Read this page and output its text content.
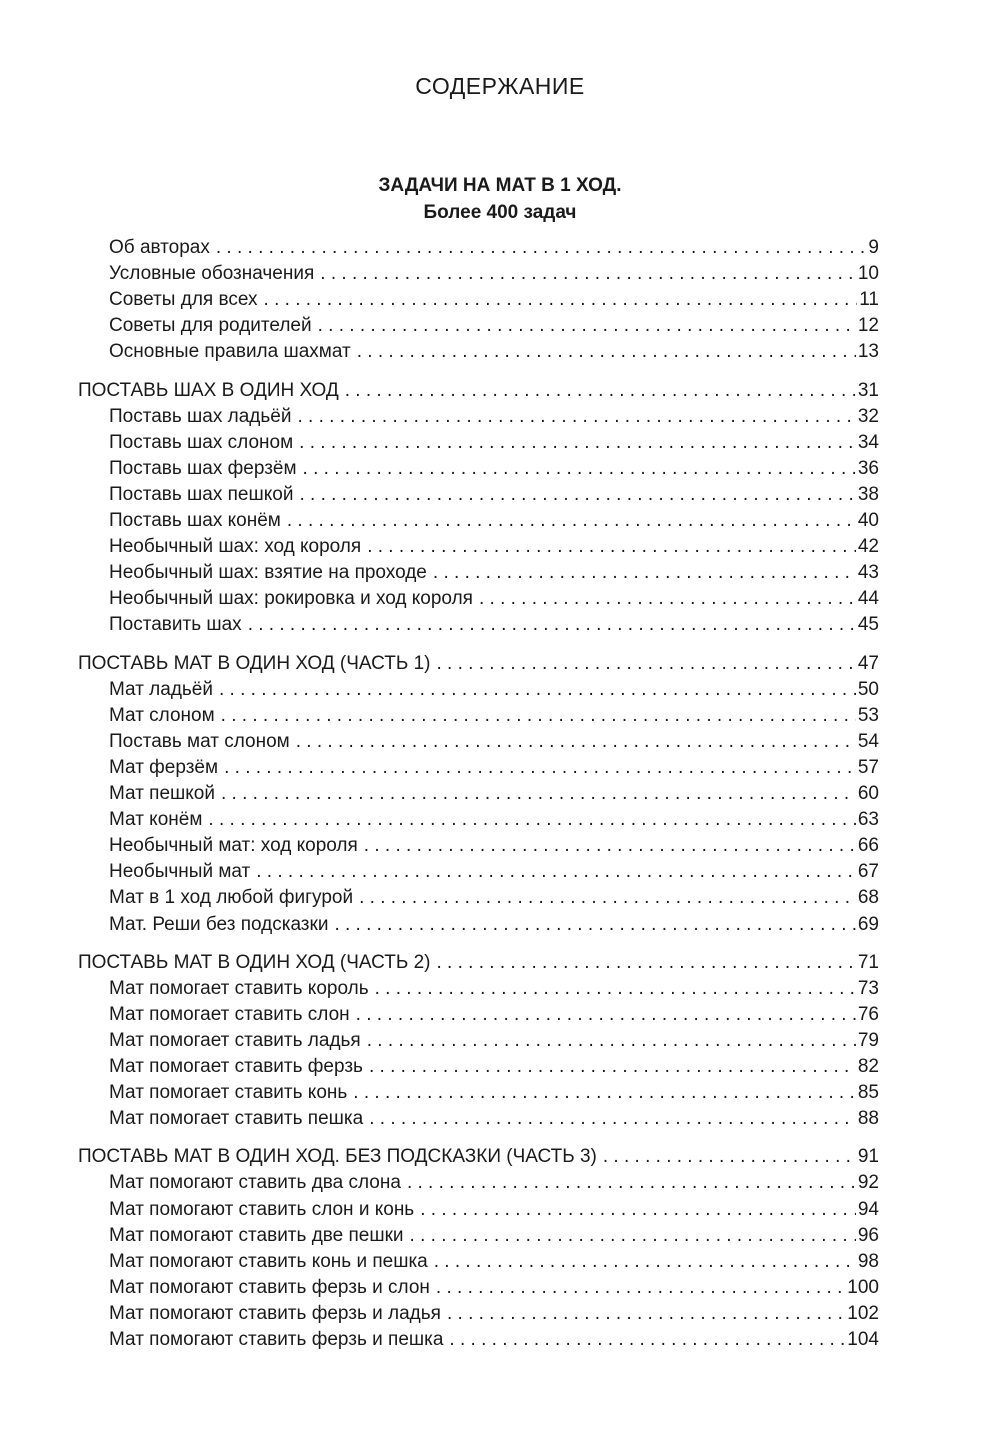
СОДЕРЖАНИЕ
ЗАДАЧИ НА МАТ В 1 ХОД.
Более 400 задач
Об авторах . . .	9
Условные обозначения . . .	10
Советы для всех . . .	11
Советы для родителей . . .	12
Основные правила шахмат . . .	13
ПОСТАВЬ ШАХ В ОДИН ХОД . . .	31
Поставь шах ладьёй . . .	32
Поставь шах слоном . . .	34
Поставь шах ферзём . . .	36
Поставь шах пешкой . . .	38
Поставь шах конём . . .	40
Необычный шах: ход короля . . .	42
Необычный шах: взятие на проходе . . .	43
Необычный шах: рокировка и ход короля . . .	44
Поставить шах . . .	45
ПОСТАВЬ МАТ В ОДИН ХОД (ЧАСТЬ 1) . . .	47
Мат ладьёй . . .	50
Мат слоном . . .	53
Поставь мат слоном . . .	54
Мат ферзём . . .	57
Мат пешкой . . .	60
Мат конём . . .	63
Необычный мат: ход короля . . .	66
Необычный мат . . .	67
Мат в 1 ход любой фигурой . . .	68
Мат. Реши без подсказки . . .	69
ПОСТАВЬ МАТ В ОДИН ХОД (ЧАСТЬ 2) . . .	71
Мат помогает ставить король . . .	73
Мат помогает ставить слон . . .	76
Мат помогает ставить ладья . . .	79
Мат помогает ставить ферзь . . .	82
Мат помогает ставить конь . . .	85
Мат помогает ставить пешка . . .	88
ПОСТАВЬ МАТ В ОДИН ХОД. БЕЗ ПОДСКАЗКИ (ЧАСТЬ 3) . . .	91
Мат помогают ставить два слона . . .	92
Мат помогают ставить слон и конь . . .	94
Мат помогают ставить две пешки . . .	96
Мат помогают ставить конь и пешка . . .	98
Мат помогают ставить ферзь и слон . . .	100
Мат помогают ставить ферзь и ладья . . .	102
Мат помогают ставить ферзь и пешка . . .	104
